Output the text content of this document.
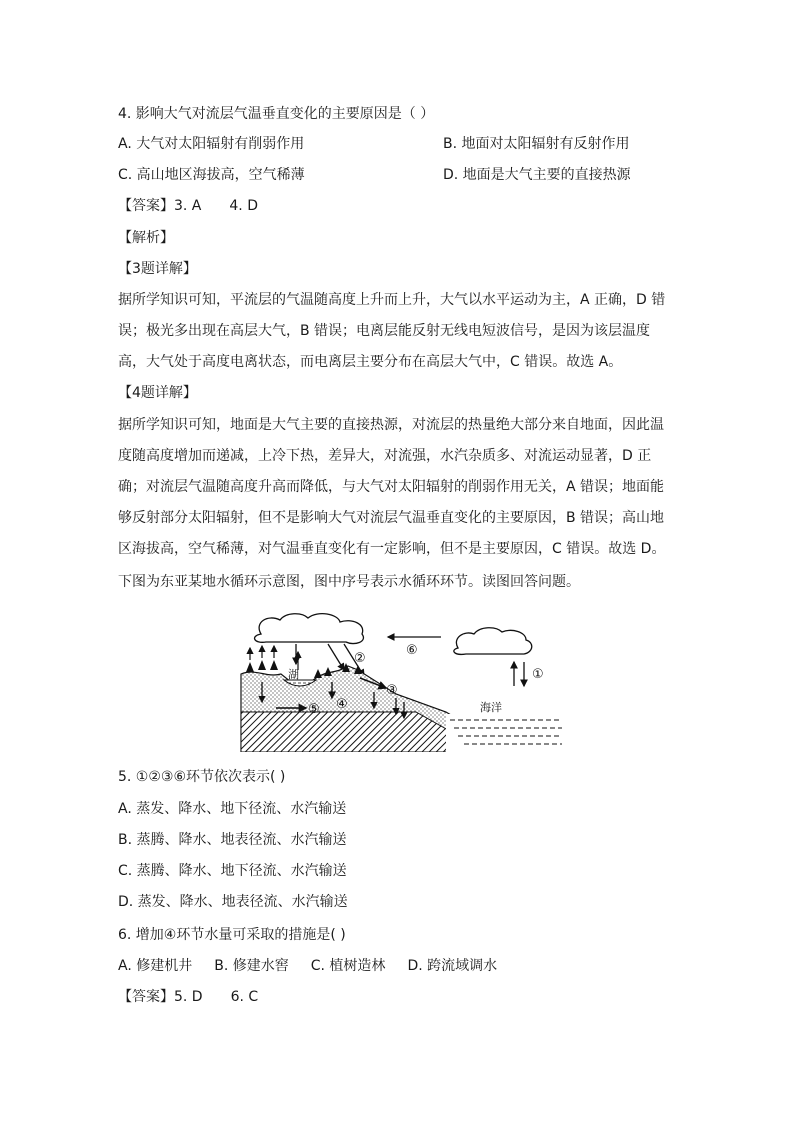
4. 影响大气对流层气温垂直变化的主要原因是（ ）
A. 大气对太阳辐射有削弱作用	B. 地面对太阳辐射有反射作用
C. 高山地区海拔高，空气稀薄	D. 地面是大气主要的直接热源
【答案】3. A 4. D
【解析】
【3题详解】
据所学知识可知，平流层的气温随高度上升而上升，大气以水平运动为主，A 正确，D 错
误；极光多出现在高层大气，B 错误；电离层能反射无线电短波信号，是因为该层温度
高，大气处于高度电离状态，而电离层主要分布在高层大气中，C 错误。故选 A。
【4题详解】
据所学知识可知，地面是大气主要的直接热源，对流层的热量绝大部分来自地面，因此温
度随高度增加而递减，上冷下热，差异大，对流强，水汽杂质多、对流运动显著，D 正
确；对流层气温随高度升高而降低，与大气对太阳辐射的削弱作用无关，A 错误；地面能
够反射部分太阳辐射，但不是影响大气对流层气温垂直变化的主要原因，B 错误；高山地
区海拔高，空气稀薄，对气温垂直变化有一定影响，但不是主要原因，C 错误。故选 D。
下图为东亚某地水循环示意图，图中序号表示水循环环节。读图回答问题。
湖
海洋
①
②
③
④
⑤
⑥
5. ①②③⑥环节依次表示( )
A. 蒸发、降水、地下径流、水汽输送
B. 蒸腾、降水、地表径流、水汽输送
C. 蒸腾、降水、地下径流、水汽输送
D. 蒸发、降水、地表径流、水汽输送
6. 增加④环节水量可采取的措施是( )
A. 修建机井 B. 修建水窖 C. 植树造林 D. 跨流域调水
【答案】5. D 6. C
